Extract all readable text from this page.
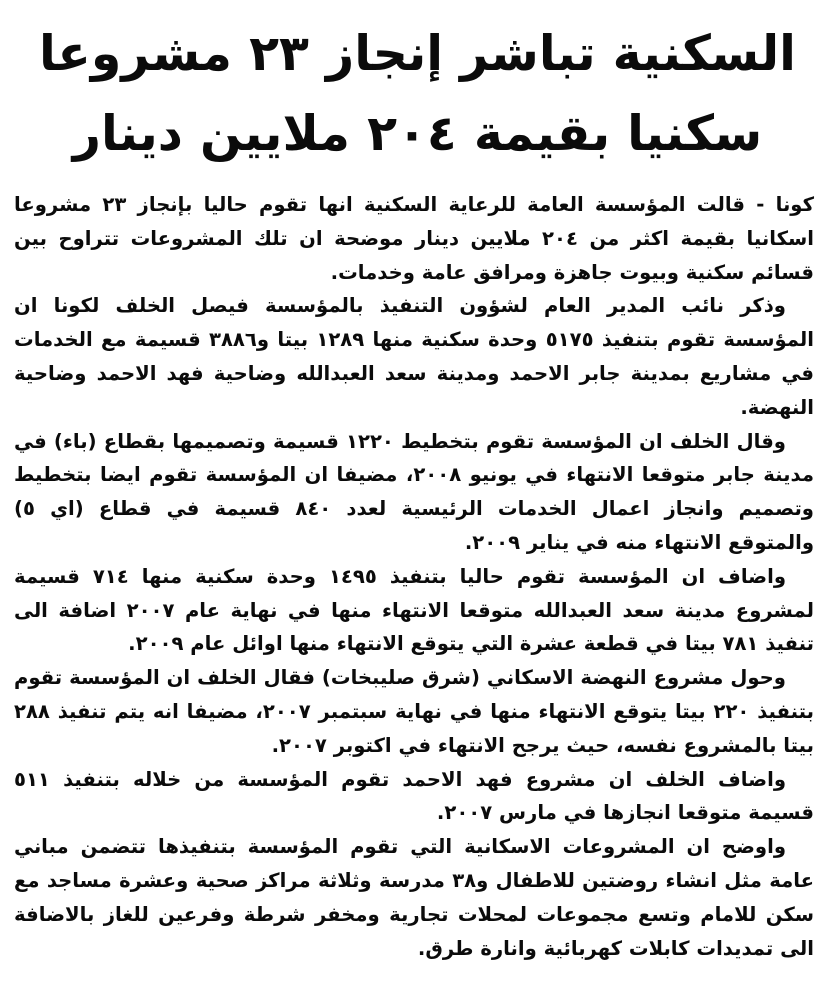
السكنية تباشر إنجاز ٢٣ مشروعا
سكنيا بقيمة ٢٠٤ ملايين دينار

كونا - قالت المؤسسة العامة للرعاية السكنية انها تقوم حاليا بإنجاز ٢٣ مشروعا اسكانيا بقيمة اكثر من ٢٠٤ ملايين دينار موضحة ان تلك المشروعات تتراوح بين قسائم سكنية وبيوت جاهزة ومرافق عامة وخدمات.

وذكر نائب المدير العام لشؤون التنفيذ بالمؤسسة فيصل الخلف لكونا ان المؤسسة تقوم بتنفيذ ٥١٧٥ وحدة سكنية منها ١٢٨٩ بيتا و٣٨٨٦ قسيمة مع الخدمات في مشاريع بمدينة جابر الاحمد ومدينة سعد العبدالله وضاحية فهد الاحمد وضاحية النهضة.

وقال الخلف ان المؤسسة تقوم بتخطيط ١٢٢٠ قسيمة وتصميمها بقطاع (باء) في مدينة جابر متوقعا الانتهاء في يونيو ٢٠٠٨، مضيفا ان المؤسسة تقوم ايضا بتخطيط وتصميم وانجاز اعمال الخدمات الرئيسية لعدد ٨٤٠ قسيمة في قطاع (اي ٥) والمتوقع الانتهاء منه في يناير ٢٠٠٩.

واضاف ان المؤسسة تقوم حاليا بتنفيذ ١٤٩٥ وحدة سكنية منها ٧١٤ قسيمة لمشروع مدينة سعد العبدالله متوقعا الانتهاء منها في نهاية عام ٢٠٠٧ اضافة الى تنفيذ ٧٨١ بيتا في قطعة عشرة التي يتوقع الانتهاء منها اوائل عام ٢٠٠٩.

وحول مشروع النهضة الاسكاني (شرق صليبخات) فقال الخلف ان المؤسسة تقوم بتنفيذ ٢٢٠ بيتا يتوقع الانتهاء منها في نهاية سبتمبر ٢٠٠٧، مضيفا انه يتم تنفيذ ٢٨٨ بيتا بالمشروع نفسه، حيث يرجح الانتهاء في اكتوبر ٢٠٠٧.

واضاف الخلف ان مشروع فهد الاحمد تقوم المؤسسة من خلاله بتنفيذ ٥١١ قسيمة متوقعا انجازها في مارس ٢٠٠٧.

واوضح ان المشروعات الاسكانية التي تقوم المؤسسة بتنفيذها تتضمن مباني عامة مثل انشاء روضتين للاطفال و٣٨ مدرسة وثلاثة مراكز صحية وعشرة مساجد مع سكن للامام وتسع مجموعات لمحلات تجارية ومخفر شرطة وفرعين للغاز بالاضافة الى تمديدات كابلات كهربائية وانارة طرق.
